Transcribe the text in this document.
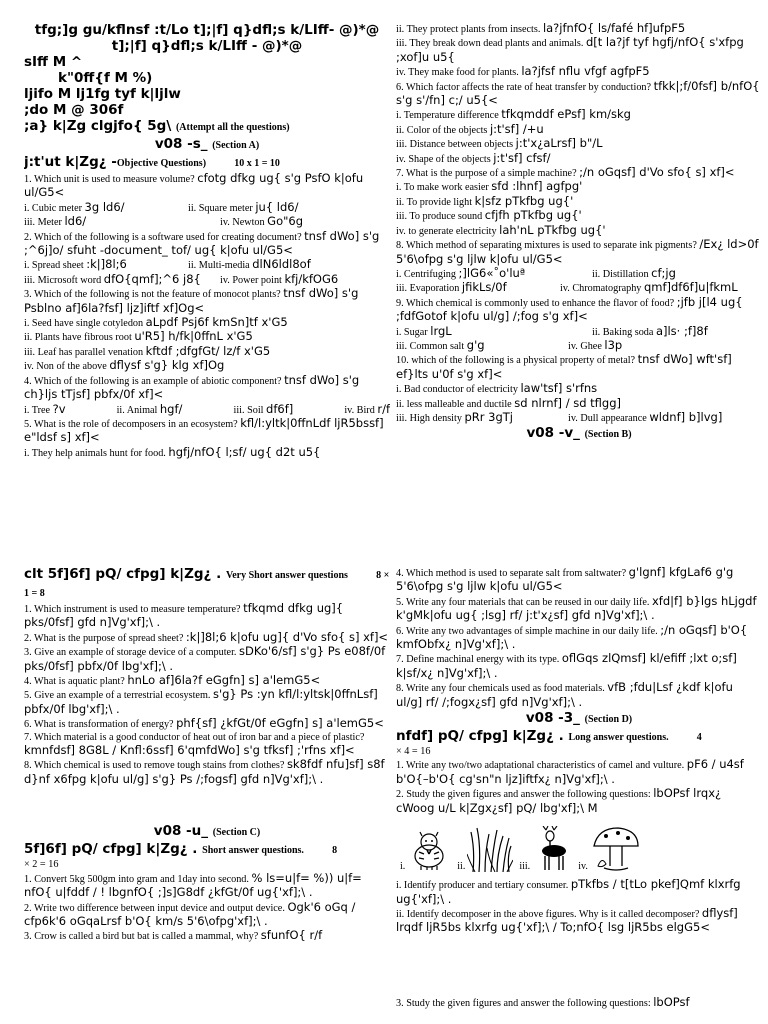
tfg;]g gu/kflnsf :t/Lo t];|f] q}dfl;s k/LIff- @)*@
t];|f] q}dfl;s k/LIff - @)*@
sIff M ^
k"0ff{f M %)
ljifo M lj1fg tyf k|ljlw
;do M @ 306f
;a} k|Zg clgjfo{ 5g\ (Attempt all the questions)
v08 -s_ (Section A)
j:t'ut k|Zg¿ -Objective Questions)	10 x 1 = 10
1. Which unit is used to measure volume? cfotg dfkg ug{ s'g PsfO k|ofu ul/G5<
i. Cubic meter 3g ld6/	ii. Square meter ju{ ld6/
iii. Meter ld6/	iv. Newton Go"6g
2. Which of the following is a software used for creating document? tnsf dWo] s'g ;^6j]o/ sfuht -document_ tof/ ug{ k|ofu ul/G5<
i. Spread sheet :k|]8l;6	ii. Multi-media dlN6ldl8of
iii. Microsoft word dfO{qmf];^6 j8{	iv. Power point kfj/kfOG6
3. Which of the following is not the feature of monocot plants? tnsf dWo] s'g Psblno af]6la?fsf] ljz]iftf xf]Og<
i. Seed have single cotyledon aLpdf Psj6f kmSn]tf x'G5
ii. Plants have fibrous root u'R5] h/fk|0ffnL x'G5
iii. Leaf has parallel venation kftdf ;dfgfGt/ lz/f x'G5
iv. Non of the above dflysf s'g} klg xf]Og
4. Which of the following is an example of abiotic component? tnsf dWo] s'g ch}ljs tTjsf] pbfx/0f xf]<
i. Tree ?v	ii. Animal hgf/	iii. Soil df6f]	iv. Bird r/f
5. What is the role of decomposers in an ecosystem? kfl/l:yltk|0ffnLdf ljR5bssf] e"ldsf s] xf]<
i. They help animals hunt for food. hgfj/nfO{ l;sf/ ug{ d2t u5{
ii. They protect plants from insects. la?jfnfO{ ls/fafé hf]ufpF5
iii. They break down dead plants and animals. d[t la?jf tyf hgfj/nfO{ s'xfpg ;xof]u u5{
iv. They make food for plants. la?jfsf nflu vfgf agfpF5
6. Which factor affects the rate of heat transfer by conduction? tfkk|;f/0fsf] b/nfO{ s'g s'/fn] c;/ u5{<
i. Temperature difference tfkqmddf ePsf] km/skg
ii. Color of the objects j:t'sf] /+u
iii. Distance between objects j:t'x¿aLrsf] b"/L
iv. Shape of the objects j:t'sf] cfsf/
7. What is the purpose of a simple machine? ;/n oGqsf] d'Vo sfo{ s] xf]<
i. To make work easier sfd :lhnf] agfpg'
ii. To provide light k|sfz pTkfbg ug{'
iii. To produce sound cfjfh pTkfbg ug{'
iv. to generate electricity lah'nL pTkfbg ug{'
8. Which method of separating mixtures is used to separate ink pigments? /Ex¿ ld>0f 5'6\ofpg s'g ljlw k|ofu ul/G5<
i. Centrifuging ;]lG6«˚o'luª	ii. Distillation cf;jg
iii. Evaporation jfikLs/0f	iv. Chromatography qmf]df6f]u|fkmL
9. Which chemical is commonly used to enhance the flavor of food? ;jfb j[l4 ug{ ;fdfGotof k|ofu ul/g] /;fog s'g xf]<
i. Sugar lrgL	ii. Baking soda a]ls· ;f]8f
iii. Common salt g'g	iv. Ghee l3p
10. which of the following is a physical property of metal? tnsf dWo] wft'sf] ef}lts u'0f s'g xf]<
i. Bad conductor of electricity law'tsf] s'rfns
ii. less malleable and ductile sd nlrnf] / sd tflgg]
iii. High density pRr 3gTj	iv. Dull appearance wldnf] b]lvg]
v08 -v_ (Section B)
clt 5f]6f] pQ/ cfpg] k|Zg¿ . Very Short answer questions	8 × 1 = 8
1. Which instrument is used to measure temperature? tfkqmd dfkg ug]{ pks/0fsf] gfd n]Vg'xf];\ .
2. What is the purpose of spread sheet? :k|]8l;6 k|ofu ug]{ d'Vo sfo{ s] xf]<
3. Give an example of storage device of a computer. sDKo'6/sf] s'g} Ps e08f/0f pks/0fsf] pbfx/0f lbg'xf];\ .
4. What is aquatic plant? hnLo af]6la?f eGgfn] s] a'lemG5<
5. Give an example of a terrestrial ecosystem. s'g} Ps :yn kfl/l:yltsk|0ffnLsf] pbfx/0f lbg'xf];\ .
6. What is transformation of energy? phf{sf] ¿kfGt/0f eGgfn] s] a'lemG5<
7. Which material is a good conductor of heat out of iron bar and a piece of plastic? kmnfdsf] 8G8L / Knfl:6ssf] 6'qmfdWo] s'g tfksf] ;'rfns xf]<
8. Which chemical is used to remove tough stains from clothes? sk8fdf nfu]sf] s8f d}nf x6fpg k|ofu ul/g] s'g} Ps /;fogsf] gfd n]Vg'xf];\ .
v08 -u_ (Section C)
5f]6f] pQ/ cfpg] k|Zg¿ . Short answer questions.	8
× 2 = 16
1. Convert 5kg 500gm into gram and 1day into second. % ls=u|f= %)) u|f= nfO{ u|fddf / ! lbgnfO{ ;]s]G8df ¿kfGt/0f ug{'xf];\ .
2. Write two difference between input device and output device. Ogk'6 oGq / cfp6k'6 oGqaLrsf b'O{ km/s 5'6\ofpg'xf];\ .
3. Crow is called a bird but bat is called a mammal, why? sfunfO{ r/f
4. Which method is used to separate salt from saltwater? g'lgnf] kfgLaf6 g'g 5'6\ofpg s'g ljlw k|ofu ul/G5<
5. Write any four materials that can be reused in our daily life. xfd|f] b}lgs hLjgdf k'gMk|ofu ug{ ;lsg] rf/ j:t'x¿sf] gfd n]Vg'xf];\ .
6. Write any two advantages of simple machine in our daily life. ;/n oGqsf] b'O{ kmfObfx¿ n]Vg'xf];\ .
7. Define machinal energy with its type. oflGqs zlQmsf] kl/efiff ;lxt o;sf] k|sf/x¿ n]Vg'xf];\ .
8. Write any four chemicals used as food materials. vfB ;fdu|Lsf ¿kdf k|ofu ul/g] rf/ /;fogx¿sf] gfd n]Vg'xf];\ .
v08 -3_ (Section D)
nfdf] pQ/ cfpg] k|Zg¿ . Long answer questions.	4
× 4 = 16
1. Write any two/two adaptational characteristics of camel and vulture. pF6 / u4sf b'O{–b'O{ cg'sn"n ljz]iftfx¿ n]Vg'xf];\ .
2. Study the given figures and answer the following questions: lbOPsf lrqx¿ cWoog u/L k|Zgx¿sf] pQ/ lbg'xf];\ M
i.	ii.	iii.	iv.
i. Identify producer and tertiary consumer. pTkfbs / t[tLo pkef]Qmf klxrfg ug{'xf];\ .
ii. Identify decomposer in the above figures. Why is it called decomposer? dflysf] lrqdf ljR5bs klxrfg ug{'xf];\ / To;nfO{ lsg ljR5bs elgG5<
3. Study the given figures and answer the following questions: lbOPsf
